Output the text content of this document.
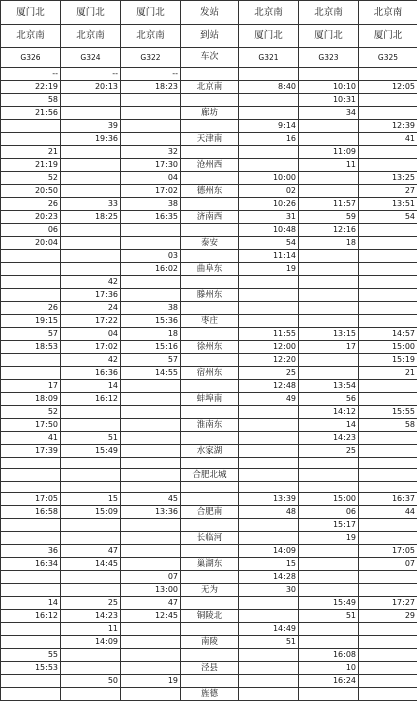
厦门北	厦门北	厦门北	发站	北京南	北京南	北京南
北京南	北京南	北京南	到站	厦门北	厦门北	厦门北
G326	G324	G322	车次	G321	G323	G325
--	--	--				
22:19	20:13	18:23	北京南	8:40	10:10	12:05
58					10:31	
21:56			廊坊		34	
	39			9:14		12:39
	19:36		天津南	16		41
21		32			11:09	
21:19		17:30	沧州西		11	
52		04		10:00		13:25
20:50		17:02	德州东	02		27
26	33	38		10:26	11:57	13:51
20:23	18:25	16:35	济南西	31	59	54
06				10:48	12:16	
20:04			泰安	54	18	
		03		11:14		
		16:02	曲阜东	19		
	42					
	17:36		滕州东			
26	24	38				
19:15	17:22	15:36	枣庄			
57	04	18		11:55	13:15	14:57
18:53	17:02	15:16	徐州东	12:00	17	15:00
	42	57		12:20		15:19
	16:36	14:55	宿州东	25		21
17	14			12:48	13:54	
18:09	16:12		蚌埠南	49	56	
52					14:12	15:55
17:50			淮南东		14	58
41	51				14:23	
17:39	15:49		水家湖		25	

			合肥北城			

17:05	15	45		13:39	15:00	16:37
16:58	15:09	13:36	合肥南	48	06	44
					15:17	
			长临河		19	
36	47			14:09		17:05
16:34	14:45		巢湖东	15		07
		07		14:28		
		13:00	无为	30		
14	25	47			15:49	17:27
16:12	14:23	12:45	铜陵北		51	29
	11			14:49		
	14:09		南陵	51		
55					16:08	
15:53			泾县		10	
	50	19			16:24	
			旌德			
